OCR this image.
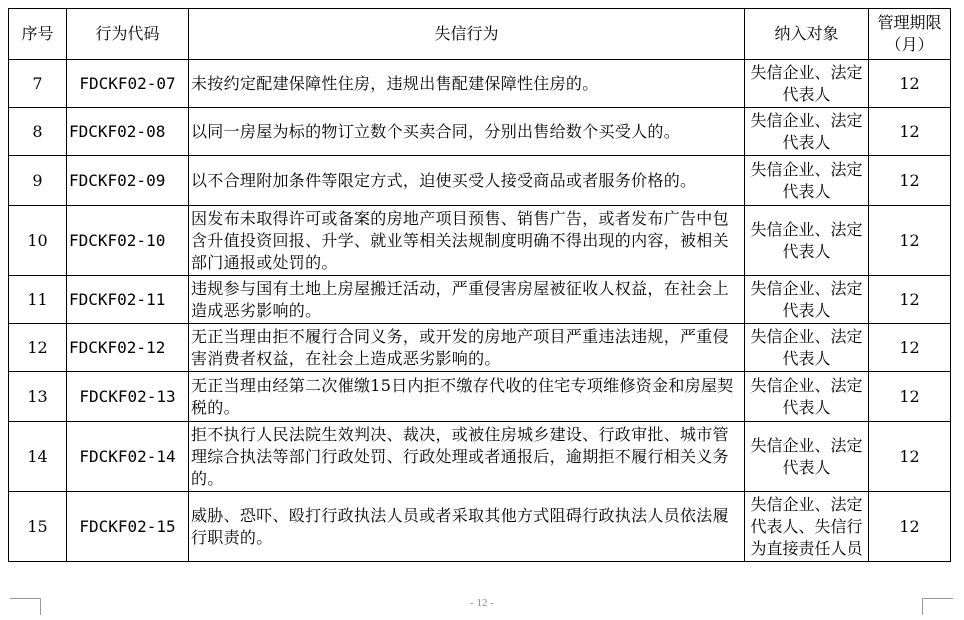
序号	行为代码	失信行为	纳入对象	管理期限（月）
7	FDCKF02-07	未按约定配建保障性住房，违规出售配建保障性住房的。	失信企业、法定代表人	12
8	FDCKF02-08	以同一房屋为标的物订立数个买卖合同，分别出售给数个买受人的。	失信企业、法定代表人	12
9	FDCKF02-09	以不合理附加条件等限定方式，迫使买受人接受商品或者服务价格的。	失信企业、法定代表人	12
10	FDCKF02-10	因发布未取得许可或备案的房地产项目预售、销售广告，或者发布广告中包含升值投资回报、升学、就业等相关法规制度明确不得出现的内容，被相关部门通报或处罚的。	失信企业、法定代表人	12
11	FDCKF02-11	违规参与国有土地上房屋搬迁活动，严重侵害房屋被征收人权益，在社会上造成恶劣影响的。	失信企业、法定代表人	12
12	FDCKF02-12	无正当理由拒不履行合同义务，或开发的房地产项目严重违法违规，严重侵害消费者权益，在社会上造成恶劣影响的。	失信企业、法定代表人	12
13	FDCKF02-13	无正当理由经第二次催缴15日内拒不缴存代收的住宅专项维修资金和房屋契税的。	失信企业、法定代表人	12
14	FDCKF02-14	拒不执行人民法院生效判决、裁决，或被住房城乡建设、行政审批、城市管理综合执法等部门行政处罚、行政处理或者通报后，逾期拒不履行相关义务的。	失信企业、法定代表人	12
15	FDCKF02-15	威胁、恐吓、殴打行政执法人员或者采取其他方式阻碍行政执法人员依法履行职责的。	失信企业、法定代表人、失信行为直接责任人员	12
- 12 -
